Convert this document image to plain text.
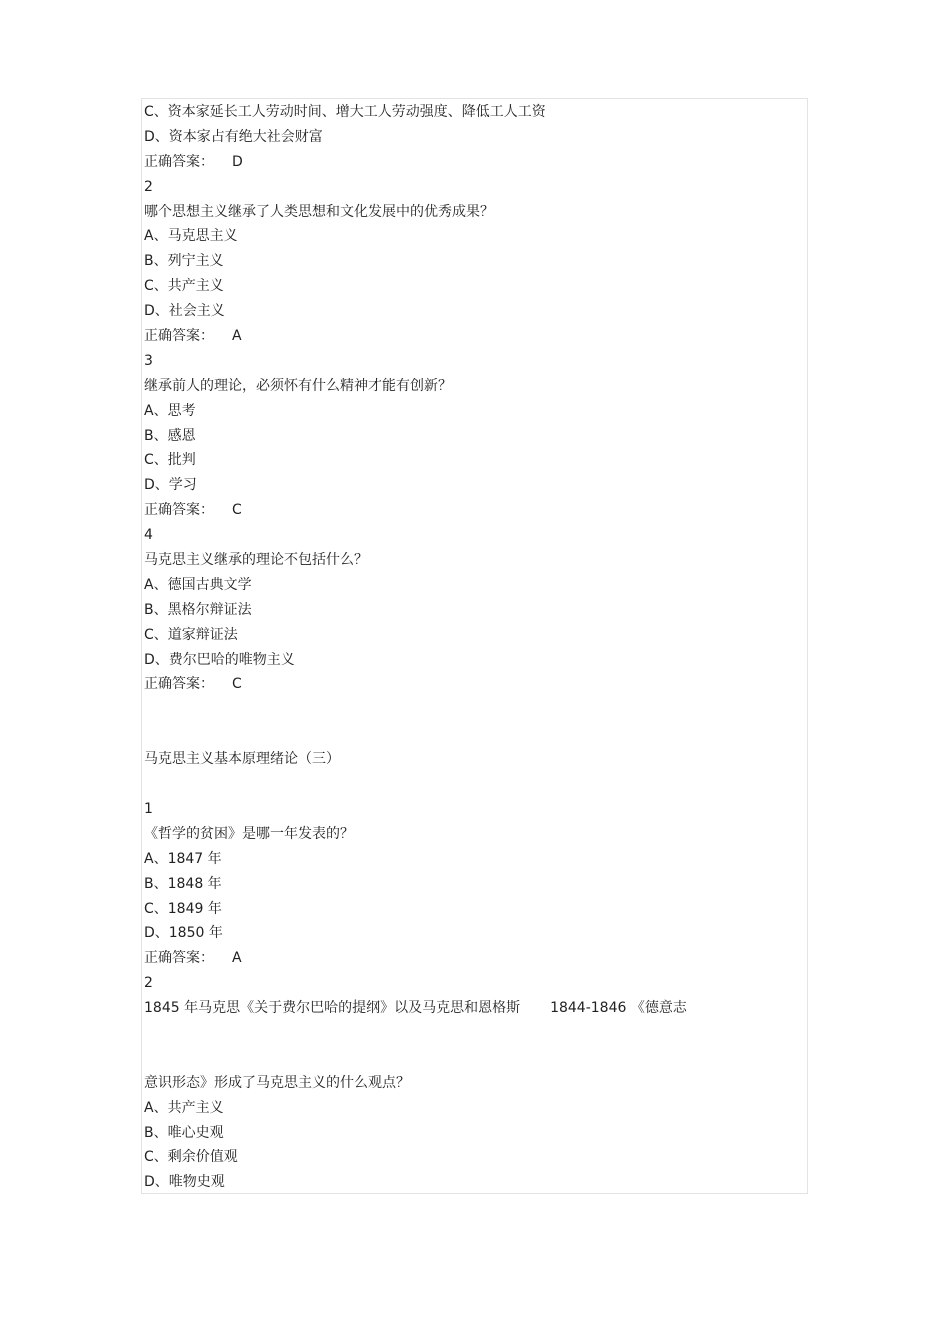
C、资本家延长工人劳动时间、增大工人劳动强度、降低工人工资
D、资本家占有绝大社会财富
正确答案： D
2
哪个思想主义继承了人类思想和文化发展中的优秀成果？
A、马克思主义
B、列宁主义
C、共产主义
D、社会主义
正确答案： A
3
继承前人的理论，必须怀有什么精神才能有创新？
A、思考
B、感恩
C、批判
D、学习
正确答案： C
4
马克思主义继承的理论不包括什么？
A、德国古典文学
B、黑格尔辩证法
C、道家辩证法
D、费尔巴哈的唯物主义
正确答案： C
马克思主义基本原理绪论（三）
1
《哲学的贫困》是哪一年发表的？
A、1847 年
B、1848 年
C、1849 年
D、1850 年
正确答案： A
2
1845 年马克思《关于费尔巴哈的提纲》以及马克思和恩格斯 1844-1846 《德意志
意识形态》形成了马克思主义的什么观点？
A、共产主义
B、唯心史观
C、剩余价值观
D、唯物史观
